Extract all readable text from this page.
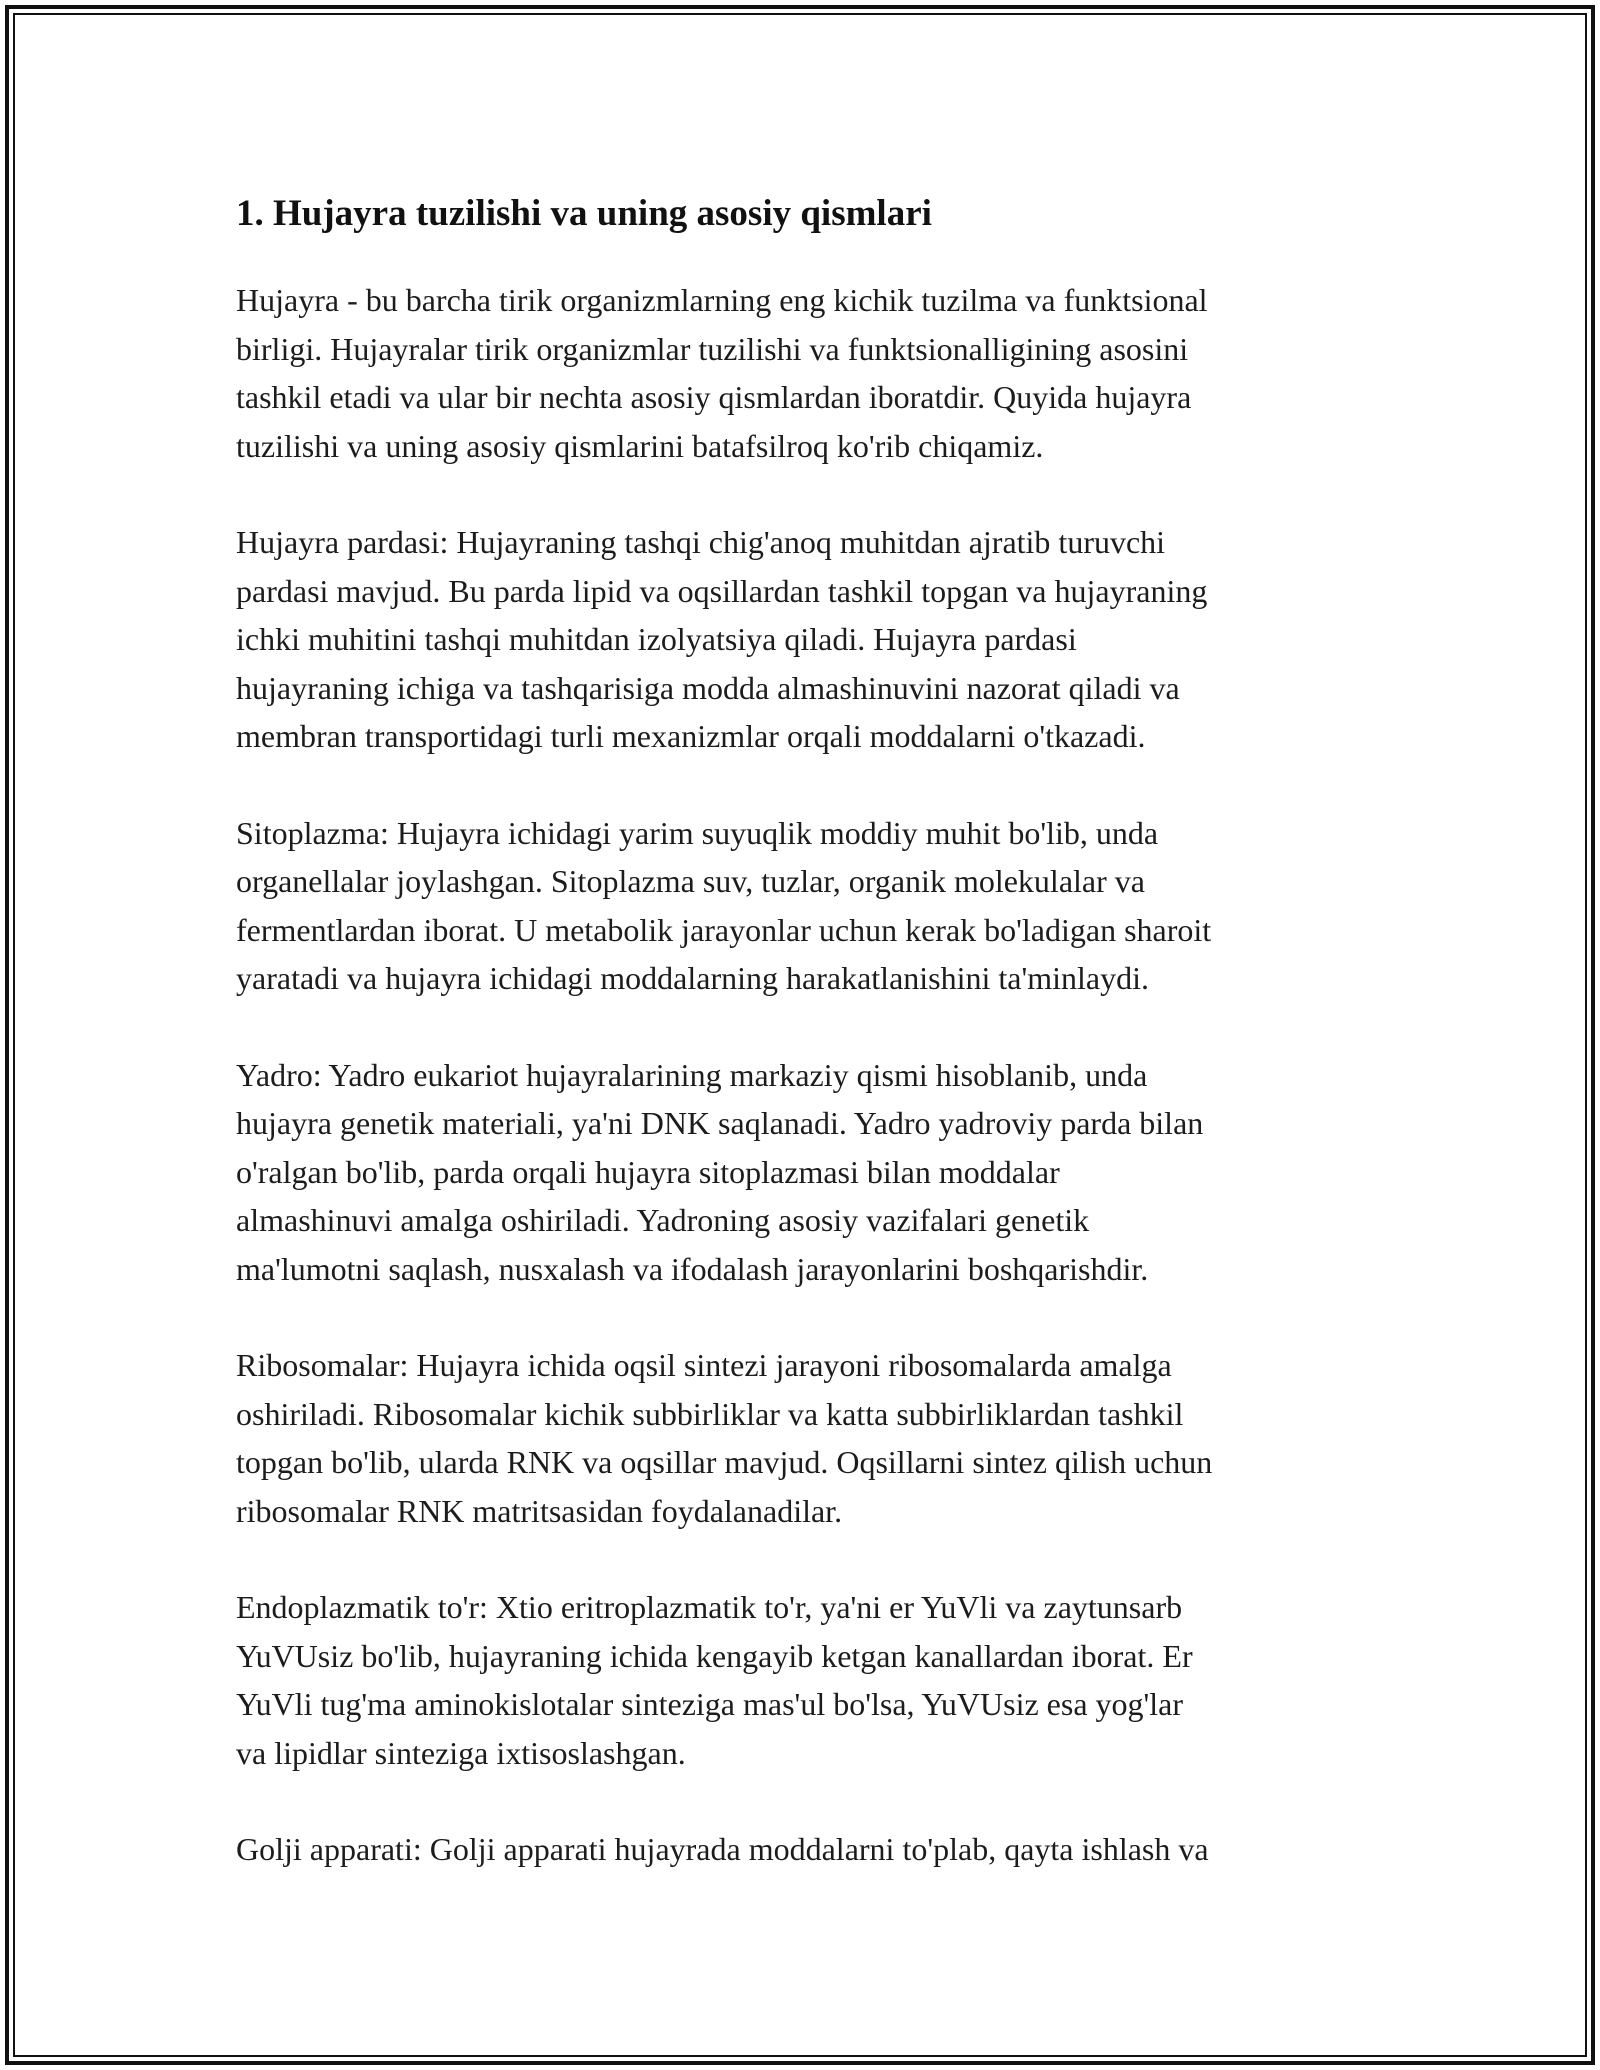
1. Hujayra tuzilishi va uning asosiy qismlari

Hujayra - bu barcha tirik organizmlarning eng kichik tuzilma va funktsional
birligi. Hujayralar tirik organizmlar tuzilishi va funktsionalligining asosini
tashkil etadi va ular bir nechta asosiy qismlardan iboratdir. Quyida hujayra
tuzilishi va uning asosiy qismlarini batafsilroq ko'rib chiqamiz.

Hujayra pardasi: Hujayraning tashqi chig'anoq muhitdan ajratib turuvchi
pardasi mavjud. Bu parda lipid va oqsillardan tashkil topgan va hujayraning
ichki muhitini tashqi muhitdan izolyatsiya qiladi. Hujayra pardasi
hujayraning ichiga va tashqarisiga modda almashinuvini nazorat qiladi va
membran transportidagi turli mexanizmlar orqali moddalarni o'tkazadi.

Sitoplazma: Hujayra ichidagi yarim suyuqlik moddiy muhit bo'lib, unda
organellalar joylashgan. Sitoplazma suv, tuzlar, organik molekulalar va
fermentlardan iborat. U metabolik jarayonlar uchun kerak bo'ladigan sharoit
yaratadi va hujayra ichidagi moddalarning harakatlanishini ta'minlaydi.

Yadro: Yadro eukariot hujayralarining markaziy qismi hisoblanib, unda
hujayra genetik materiali, ya'ni DNK saqlanadi. Yadro yadroviy parda bilan
o'ralgan bo'lib, parda orqali hujayra sitoplazmasi bilan moddalar
almashinuvi amalga oshiriladi. Yadroning asosiy vazifalari genetik
ma'lumotni saqlash, nusxalash va ifodalash jarayonlarini boshqarishdir.

Ribosomalar: Hujayra ichida oqsil sintezi jarayoni ribosomalarda amalga
oshiriladi. Ribosomalar kichik subbirliklar va katta subbirliklardan tashkil
topgan bo'lib, ularda RNK va oqsillar mavjud. Oqsillarni sintez qilish uchun
ribosomalar RNK matritsasidan foydalanadilar.

Endoplazmatik to'r: Xtio eritroplazmatik to'r, ya'ni er YuVli va zaytunsarb
YuVUsiz bo'lib, hujayraning ichida kengayib ketgan kanallardan iborat. Er
YuVli tug'ma aminokislotalar sinteziga mas'ul bo'lsa, YuVUsiz esa yog'lar
va lipidlar sinteziga ixtisoslashgan.

Golji apparati: Golji apparati hujayrada moddalarni to'plab, qayta ishlash va
